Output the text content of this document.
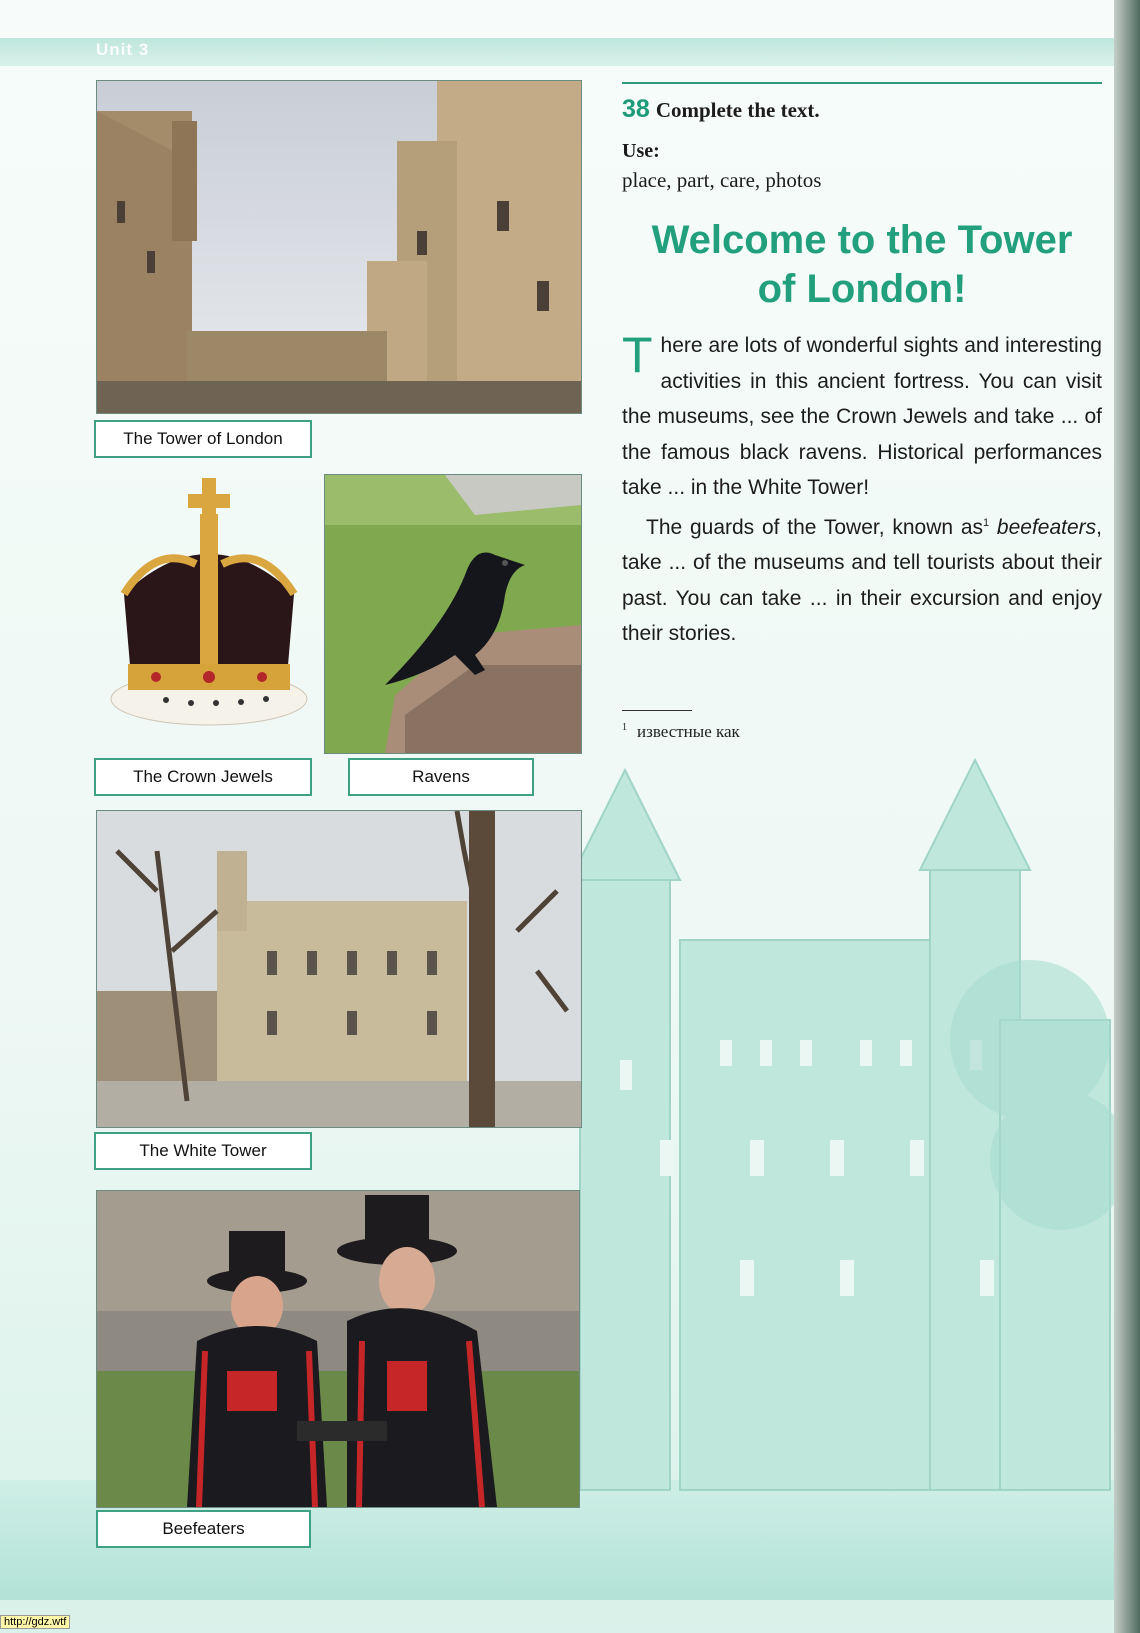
Unit 3
The Tower of London
The Crown Jewels	Ravens
The White Tower
Beefeaters
38 Complete the text.
Use:
place, part, care, photos
Welcome to the Tower
of London!

There are lots of wonderful sights and interesting activities in this ancient fortress. You can visit the museums, see the Crown Jewels and take ... of the famous black ravens. Historical performances take ... in the White Tower!

The guards of the Tower, known $as^1$ beefeaters, take ... of the museums and tell tourists about their past. You can take ... in their excursion and enjoy their stories.

$^1$ известные как
http://gdz.wtf
